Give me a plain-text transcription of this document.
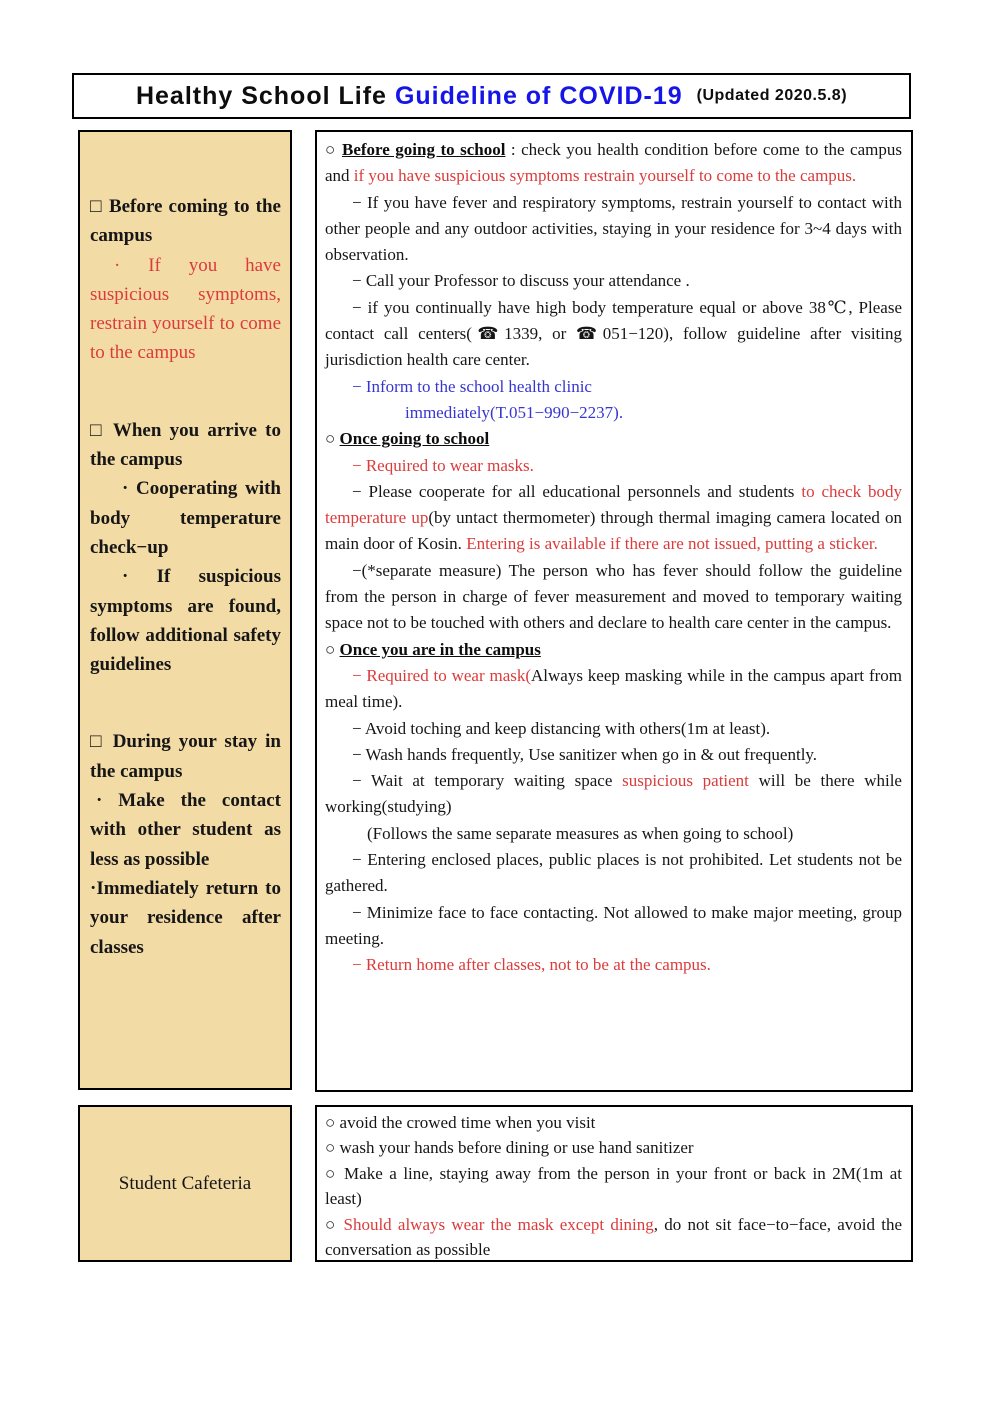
Healthy School Life Guideline of COVID-19 (Updated 2020.5.8)
□ Before coming to the campus
· If you have suspicious symptoms, restrain yourself to come to the campus
□ When you arrive to the campus
· Cooperating with body temperature check−up
· If suspicious symptoms are found, follow additional safety guidelines
□ During your stay in the campus
· Make the contact with other student as less as possible
·Immediately return to your residence after classes
○ Before going to school : check you health condition before come to the campus and if you have suspicious symptoms restrain yourself to come to the campus.
− If you have fever and respiratory symptoms, restrain yourself to contact with other people and any outdoor activities, staying in your residence for 3~4 days with observation.
− Call your Professor to discuss your attendance .
− if you continually have high body temperature equal or above 38℃, Please contact call centers(☎1339, or ☎051−120), follow guideline after visiting jurisdiction health care center.
− Inform to the school health clinic
immediately(T.051−990−2237).
○ Once going to school
− Required to wear masks.
− Please cooperate for all educational personnels and students to check body temperature up(by untact thermometer) through thermal imaging camera located on main door of Kosin. Entering is available if there are not issued, putting a sticker.
−(*separate measure) The person who has fever should follow the guideline from the person in charge of fever measurement and moved to temporary waiting space not to be touched with others and declare to health care center in the campus.
○ Once you are in the campus
− Required to wear mask(Always keep masking while in the campus apart from meal time).
− Avoid toching and keep distancing with others(1m at least).
− Wash hands frequently, Use sanitizer when go in & out frequently.
− Wait at temporary waiting space suspicious patient will be there while working(studying)
(Follows the same separate measures as when going to school)
− Entering enclosed places, public places is not prohibited. Let students not be gathered.
− Minimize face to face contacting. Not allowed to make major meeting, group meeting.
− Return home after classes, not to be at the campus.
Student Cafeteria
○ avoid the crowed time when you visit
○ wash your hands before dining or use hand sanitizer
○ Make a line, staying away from the person in your front or back in 2M(1m at least)
○ Should always wear the mask except dining, do not sit face−to−face, avoid the conversation as possible
